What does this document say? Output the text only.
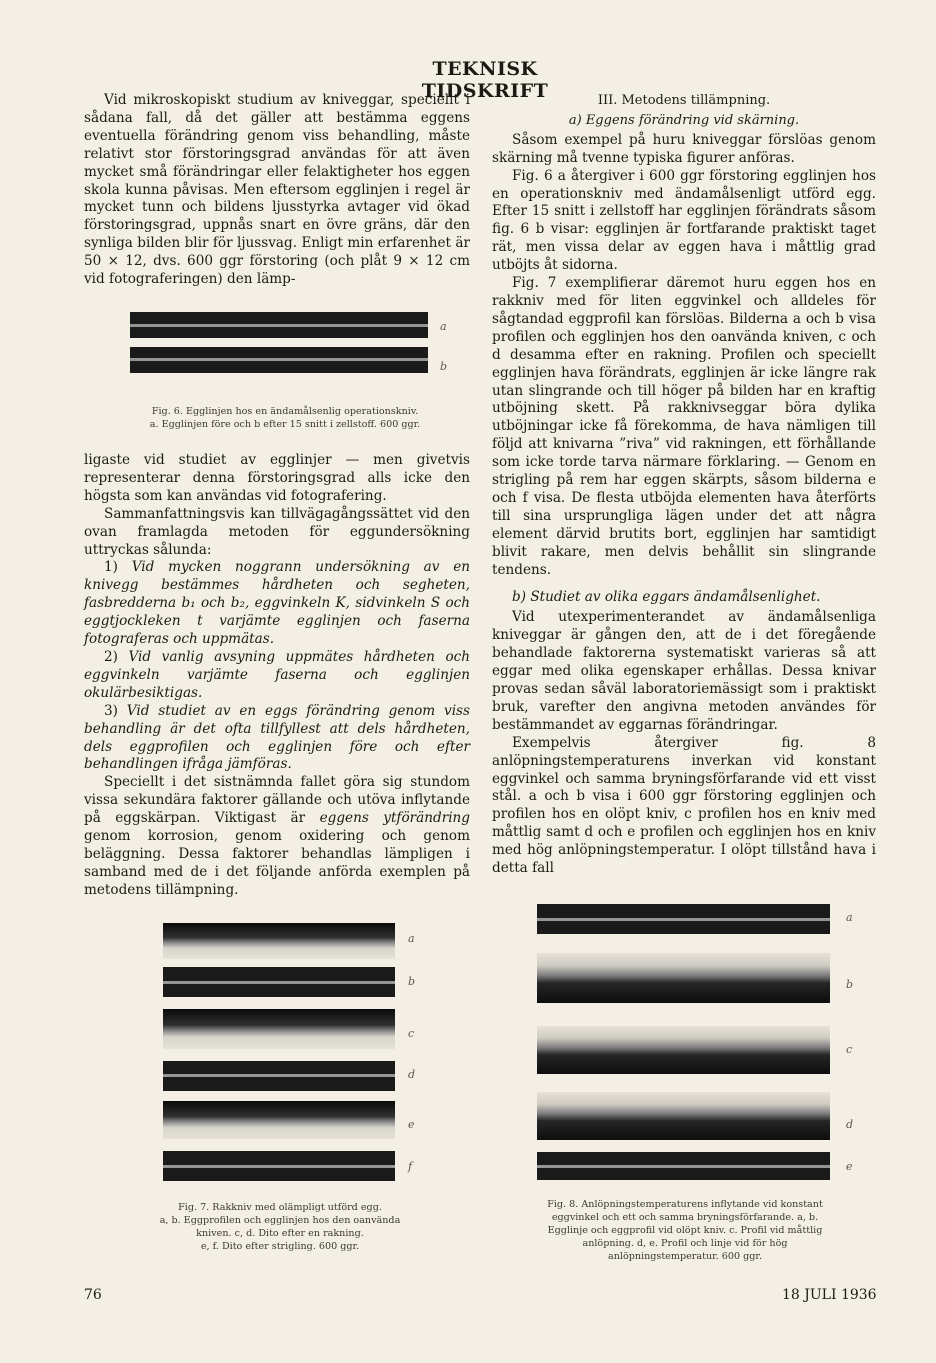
TEKNISK TIDSKRIFT

Vid mikroskopiskt studium av kniveggar, speciellt i sådana fall, då det gäller att bestämma eggens eventuella förändring genom viss behandling, måste relativt stor förstoringsgrad användas för att även mycket små förändringar eller felaktigheter hos eggen skola kunna påvisas. Men eftersom egglinjen i regel är mycket tunn och bildens ljusstyrka avtager vid ökad förstoringsgrad, uppnås snart en övre gräns, där den synliga bilden blir för ljussvag. Enligt min erfarenhet är 50 × 12, dvs. 600 ggr förstoring (och plåt 9 × 12 cm vid fotograferingen) den lämp-

a
b
Fig. 6. Egglinjen hos en ändamålsenlig operationskniv.
a. Egglinjen före och b efter 15 snitt i zellstoff. 600 ggr.

ligaste vid studiet av egglinjer — men givetvis representerar denna förstoringsgrad alls icke den högsta som kan användas vid fotografering.

Sammanfattningsvis kan tillvägagångssättet vid den ovan framlagda metoden för eggundersökning uttryckas sålunda:

1) Vid mycken noggrann undersökning av en knivegg bestämmes hårdheten och segheten, fasbredderna b₁ och b₂, eggvinkeln K, sidvinkeln S och eggtjockleken t varjämte egglinjen och faserna fotograferas och uppmätas.

2) Vid vanlig avsyning uppmätes hårdheten och eggvinkeln varjämte faserna och egglinjen okulärbesiktigas.

3) Vid studiet av en eggs förändring genom viss behandling är det ofta tillfyllest att dels hårdheten, dels eggprofilen och egglinjen före och efter behandlingen ifråga jämföras.

Speciellt i det sistnämnda fallet göra sig stundom vissa sekundära faktorer gällande och utöva inflytande på eggskärpan. Viktigast är eggens ytförändring genom korrosion, genom oxidering och genom beläggning. Dessa faktorer behandlas lämpligen i samband med de i det följande anförda exemplen på metodens tillämpning.

III. Metodens tillämpning.

a) Eggens förändring vid skärning.

Såsom exempel på huru kniveggar förslöas genom skärning må tvenne typiska figurer anföras.

Fig. 6 a återgiver i 600 ggr förstoring egglinjen hos en operationskniv med ändamålsenligt utförd egg. Efter 15 snitt i zellstoff har egglinjen förändrats såsom fig. 6 b visar: egglinjen är fortfarande praktiskt taget rät, men vissa delar av eggen hava i måttlig grad utböjts åt sidorna.

Fig. 7 exemplifierar däremot huru eggen hos en rakkniv med för liten eggvinkel och alldeles för sågtandad eggprofil kan förslöas. Bilderna a och b visa profilen och egglinjen hos den oanvända kniven, c och d desamma efter en rakning. Profilen och speciellt egglinjen hava förändrats, egglinjen är icke längre rak utan slingrande och till höger på bilden har en kraftig utböjning skett. På rakknivseggar böra dylika utböjningar icke få förekomma, de hava nämligen till följd att knivarna ”riva” vid rakningen, ett förhållande som icke torde tarva närmare förklaring. — Genom en strigling på rem har eggen skärpts, såsom bilderna e och f visa. De flesta utböjda elementen hava återförts till sina ursprungliga lägen under det att några element därvid brutits bort, egglinjen har samtidigt blivit rakare, men delvis behållit sin slingrande tendens.

b) Studiet av olika eggars ändamålsenlighet.

Vid utexperimenterandet av ändamålsenliga kniveggar är gången den, att de i det föregående behandlade faktorerna systematiskt varieras så att eggar med olika egenskaper erhållas. Dessa knivar provas sedan såväl laboratoriemässigt som i praktiskt bruk, varefter den angivna metoden användes för bestämmandet av eggarnas förändringar.

Exempelvis återgiver fig. 8 anlöpningstemperaturens inverkan vid konstant eggvinkel och samma bryningsförfarande vid ett visst stål. a och b visa i 600 ggr förstoring egglinjen och profilen hos en olöpt kniv, c profilen hos en kniv med måttlig samt d och e profilen och egglinjen hos en kniv med hög anlöpningstemperatur. I olöpt tillstånd hava i detta fall

a
b
c
d
e
f
Fig. 7. Rakkniv med olämpligt utförd egg.
a, b. Eggprofilen och egglinjen hos den oanvända kniven. c, d. Dito efter en rakning.
e, f. Dito efter strigling. 600 ggr.
a
b
c
d
e
Fig. 8. Anlöpningstemperaturens inflytande vid konstant eggvinkel och ett och samma bryningsförfarande. a, b. Egglinje och eggprofil vid olöpt kniv. c. Profil vid måttlig anlöpning. d, e. Profil och linje vid för hög anlöpningstemperatur. 600 ggr.
76	18 JULI 1936
